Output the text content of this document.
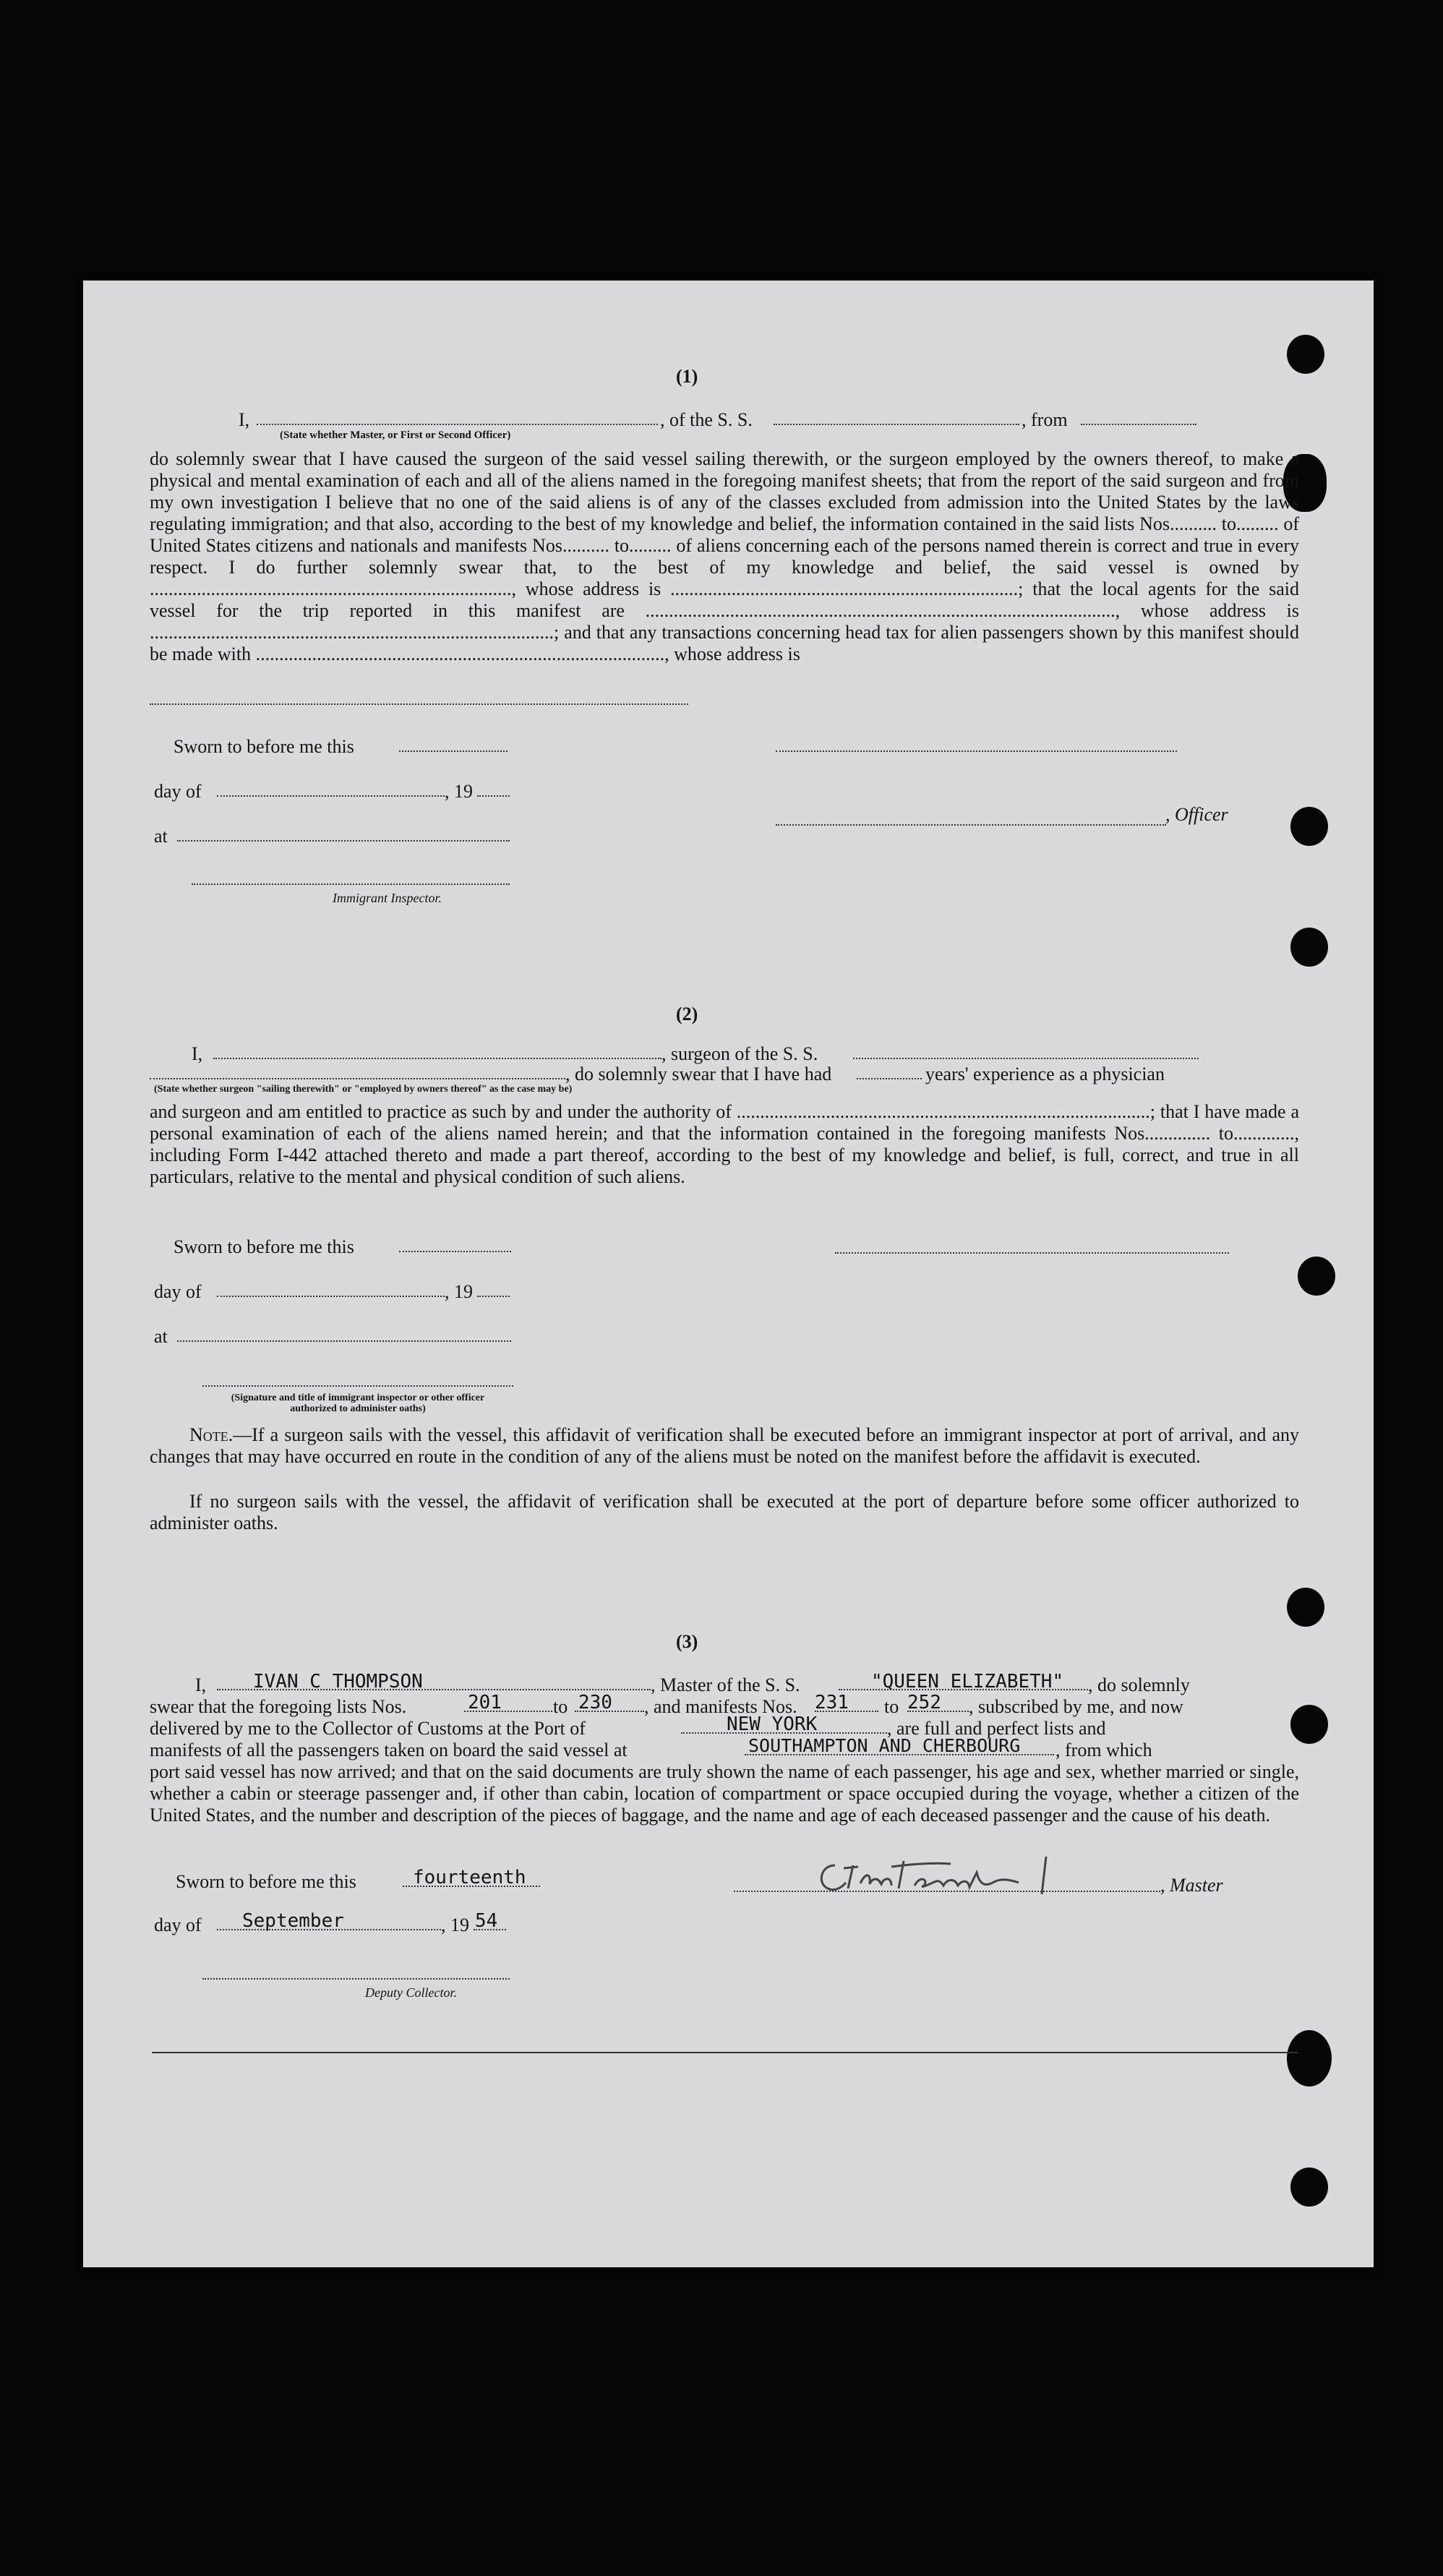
(1)
I,	, of the S. S.	, from
(State whether Master, or First or Second Officer)
do solemnly swear that I have caused the surgeon of the said vessel sailing therewith, or the surgeon employed by the owners thereof, to make a physical and mental examination of each and all of the aliens named in the foregoing manifest sheets; that from the report of the said surgeon and from my own investigation I believe that no one of the said aliens is of any of the classes excluded from admission into the United States by the laws regulating immigration; and that also, according to the best of my knowledge and belief, the information contained in the said lists Nos.......... to......... of United States citizens and nationals and manifests Nos.......... to......... of aliens concerning each of the persons named therein is correct and true in every respect. I do further solemnly swear that, to the best of my knowledge and belief, the said vessel is owned by ............................................................................., whose address is ..........................................................................; that the local agents for the said vessel for the trip reported in this manifest are ...................................................................................................., whose address is ......................................................................................; and that any transactions concerning head tax for alien passengers shown by this manifest should be made with ......................................................................................., whose address is
Sworn to before me this
day of	, 19
at
Immigrant Inspector.
, Officer
(2)
I,	, surgeon of the S. S.
, do solemnly swear that I have had	years' experience as a physician
(State whether surgeon "sailing therewith" or "employed by owners thereof" as the case may be)
and surgeon and am entitled to practice as such by and under the authority of ........................................................................................; that I have made a personal examination of each of the aliens named herein; and that the information contained in the foregoing manifests Nos.............. to............., including Form I-442 attached thereto and made a part thereof, according to the best of my knowledge and belief, is full, correct, and true in all particulars, relative to the mental and physical condition of such aliens.
Sworn to before me this
day of	, 19
at
(Signature and title of immigrant inspector or other officer authorized to administer oaths)
Note.—If a surgeon sails with the vessel, this affidavit of verification shall be executed before an immigrant inspector at port of arrival, and any changes that may have occurred en route in the condition of any of the aliens must be noted on the manifest before the affidavit is executed.
If no surgeon sails with the vessel, the affidavit of verification shall be executed at the port of departure before some officer authorized to administer oaths.
(3)
I, IVAN C THOMPSON	, Master of the S. S.	"QUEEN ELIZABETH" , do solemnly
swear that the foregoing lists Nos.	201	to 230 , and manifests Nos. 231 to 252 , subscribed by me, and now
delivered by me to the Collector of Customs at the Port of	NEW YORK	, are full and perfect lists and
manifests of all the passengers taken on board the said vessel at	SOUTHAMPTON AND CHERBOURG , from which
port said vessel has now arrived; and that on the said documents are truly shown the name of each passenger, his age and sex, whether married or single, whether a cabin or steerage passenger and, if other than cabin, location of compartment or space occupied during the voyage, whether a citizen of the United States, and the number and description of the pieces of baggage, and the name and age of each deceased passenger and the cause of his death.
Sworn to before me this	fourteenth
day of September	, 19 54
Deputy Collector.
, Master
